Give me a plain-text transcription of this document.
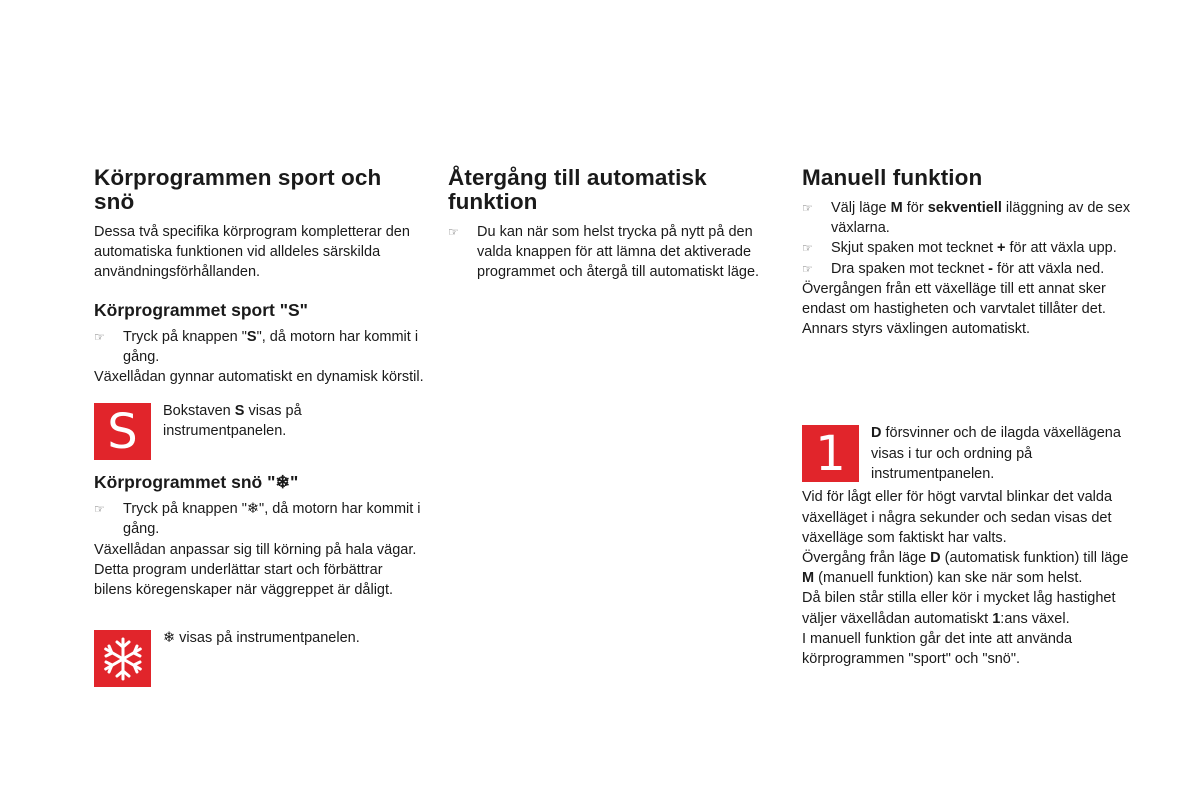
Körprogrammen sport och snö

Dessa två specifika körprogram kompletterar den automatiska funktionen vid alldeles särskilda användningsförhållanden.

Körprogrammet sport "S"
☞ Tryck på knappen "S", då motorn har kommit i gång.

Växellådan gynnar automatiskt en dynamisk körstil.

S Bokstaven S visas på instrumentpanelen.

Körprogrammet snö "❄"
☞ Tryck på knappen "❄", då motorn har kommit i gång.

Växellådan anpassar sig till körning på hala vägar.

Detta program underlättar start och förbättrar bilens köregenskaper när väggreppet är dåligt.

❄ visas på instrumentpanelen.

Återgång till automatisk funktion
☞ Du kan när som helst trycka på nytt på den valda knappen för att lämna det aktiverade programmet och återgå till automatiskt läge.
Manuell funktion
☞ Välj läge M för sekventiell iläggning av de sex växlarna.
☞ Skjut spaken mot tecknet + för att växla upp.
☞ Dra spaken mot tecknet - för att växla ned.

Övergången från ett växelläge till ett annat sker endast om hastigheten och varvtalet tillåter det. Annars styrs växlingen automatiskt.

1 D försvinner och de ilagda växellägena visas i tur och ordning på instrumentpanelen.

Vid för lågt eller för högt varvtal blinkar det valda växelläget i några sekunder och sedan visas det växelläge som faktiskt har valts.

Övergång från läge D (automatisk funktion) till läge M (manuell funktion) kan ske när som helst.

Då bilen står stilla eller kör i mycket låg hastighet väljer växellådan automatiskt 1:ans växel.

I manuell funktion går det inte att använda körprogrammen "sport" och "snö".
